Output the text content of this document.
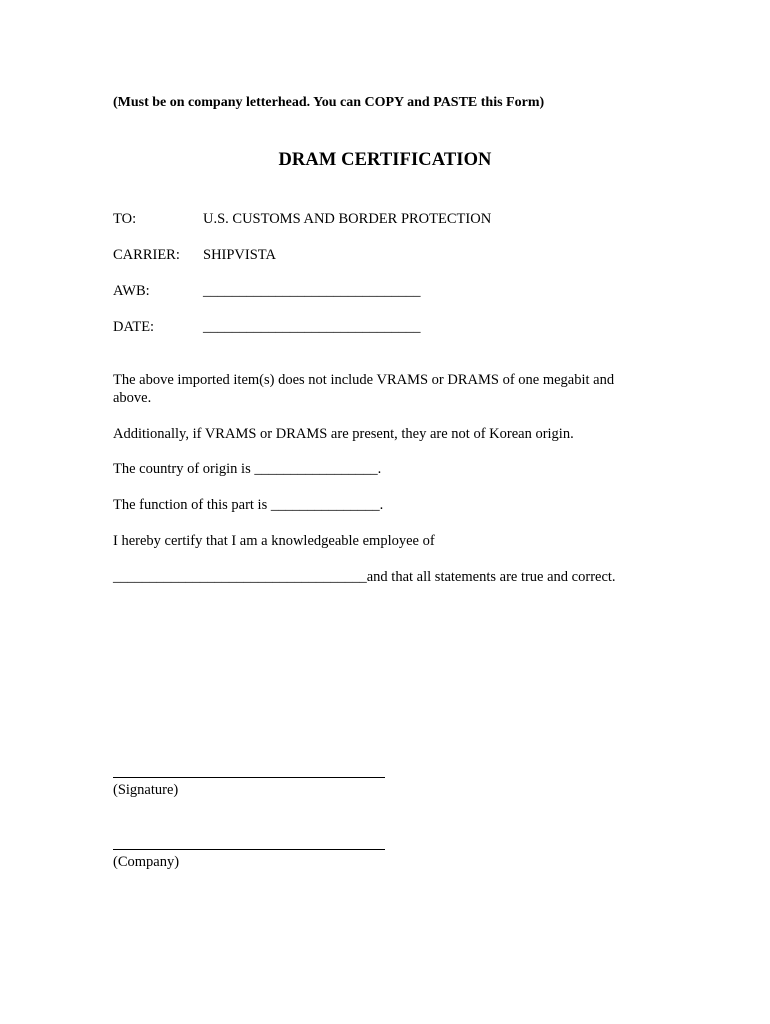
(Must be on company letterhead. You can COPY and PASTE this Form)
DRAM CERTIFICATION
TO:	U.S. CUSTOMS AND BORDER PROTECTION
CARRIER: SHIPVISTA
AWB:	______________________________
DATE:	______________________________
The above imported item(s) does not include VRAMS or DRAMS of one megabit and above.
Additionally, if VRAMS or DRAMS are present, they are not of Korean origin.
The country of origin is _________________.
The function of this part is _______________.
I hereby certify that I am a knowledgeable employee of
___________________________________and that all statements are true and correct.
(Signature)
(Company)
